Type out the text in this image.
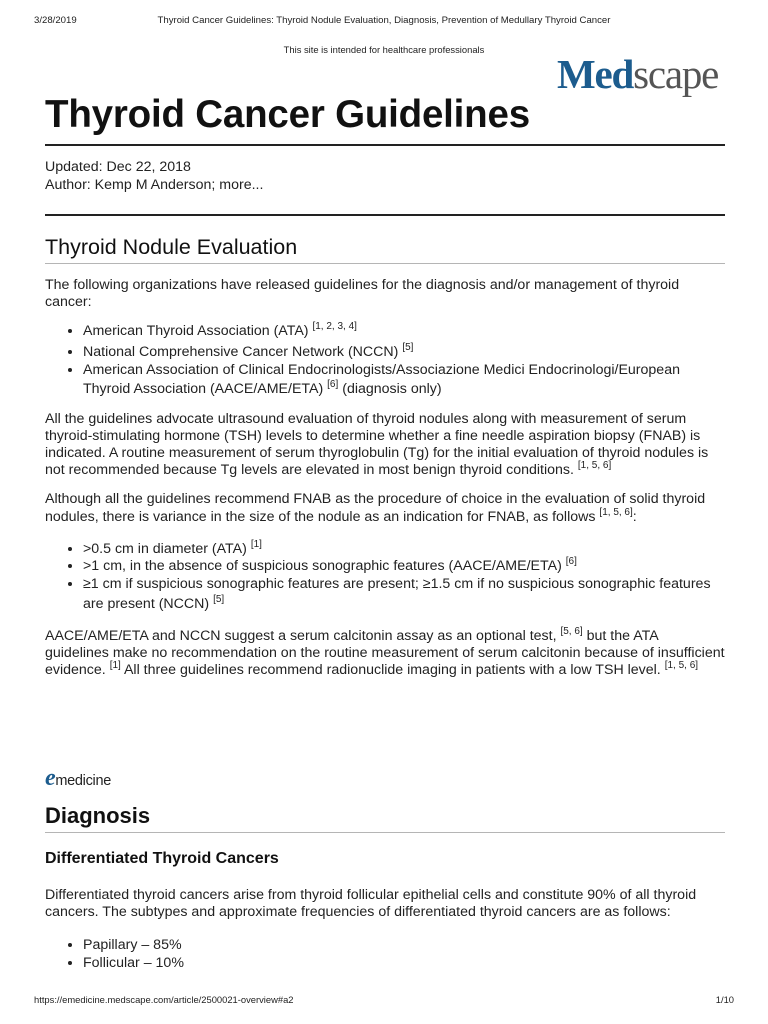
3/28/2019	Thyroid Cancer Guidelines: Thyroid Nodule Evaluation, Diagnosis, Prevention of Medullary Thyroid Cancer
This site is intended for healthcare professionals
Medscape
Thyroid Cancer Guidelines
Updated: Dec 22, 2018
Author: Kemp M Anderson; more...
Thyroid Nodule Evaluation

The following organizations have released guidelines for the diagnosis and/or management of thyroid cancer:

• American Thyroid Association (ATA) [1, 2, 3, 4]
• National Comprehensive Cancer Network (NCCN) [5]
• American Association of Clinical Endocrinologists/Associazione Medici Endocrinologi/European Thyroid Association (AACE/AME/ETA) [6] (diagnosis only)

All the guidelines advocate ultrasound evaluation of thyroid nodules along with measurement of serum thyroid-stimulating hormone (TSH) levels to determine whether a fine needle aspiration biopsy (FNAB) is indicated. A routine measurement of serum thyroglobulin (Tg) for the initial evaluation of thyroid nodules is not recommended because Tg levels are elevated in most benign thyroid conditions. [1, 5, 6]

Although all the guidelines recommend FNAB as the procedure of choice in the evaluation of solid thyroid nodules, there is variance in the size of the nodule as an indication for FNAB, as follows [1, 5, 6]:

• >0.5 cm in diameter (ATA) [1]
• >1 cm, in the absence of suspicious sonographic features (AACE/AME/ETA) [6]
• ≥1 cm if suspicious sonographic features are present; ≥1.5 cm if no suspicious sonographic features are present (NCCN) [5]

AACE/AME/ETA and NCCN suggest a serum calcitonin assay as an optional test, [5, 6] but the ATA guidelines make no recommendation on the routine measurement of serum calcitonin because of insufficient evidence. [1] All three guidelines recommend radionuclide imaging in patients with a low TSH level. [1, 5, 6]

emedicine
Diagnosis
Differentiated Thyroid Cancers

Differentiated thyroid cancers arise from thyroid follicular epithelial cells and constitute 90% of all thyroid cancers. The subtypes and approximate frequencies of differentiated thyroid cancers are as follows:

• Papillary – 85%
• Follicular – 10%
https://emedicine.medscape.com/article/2500021-overview#a2	1/10
